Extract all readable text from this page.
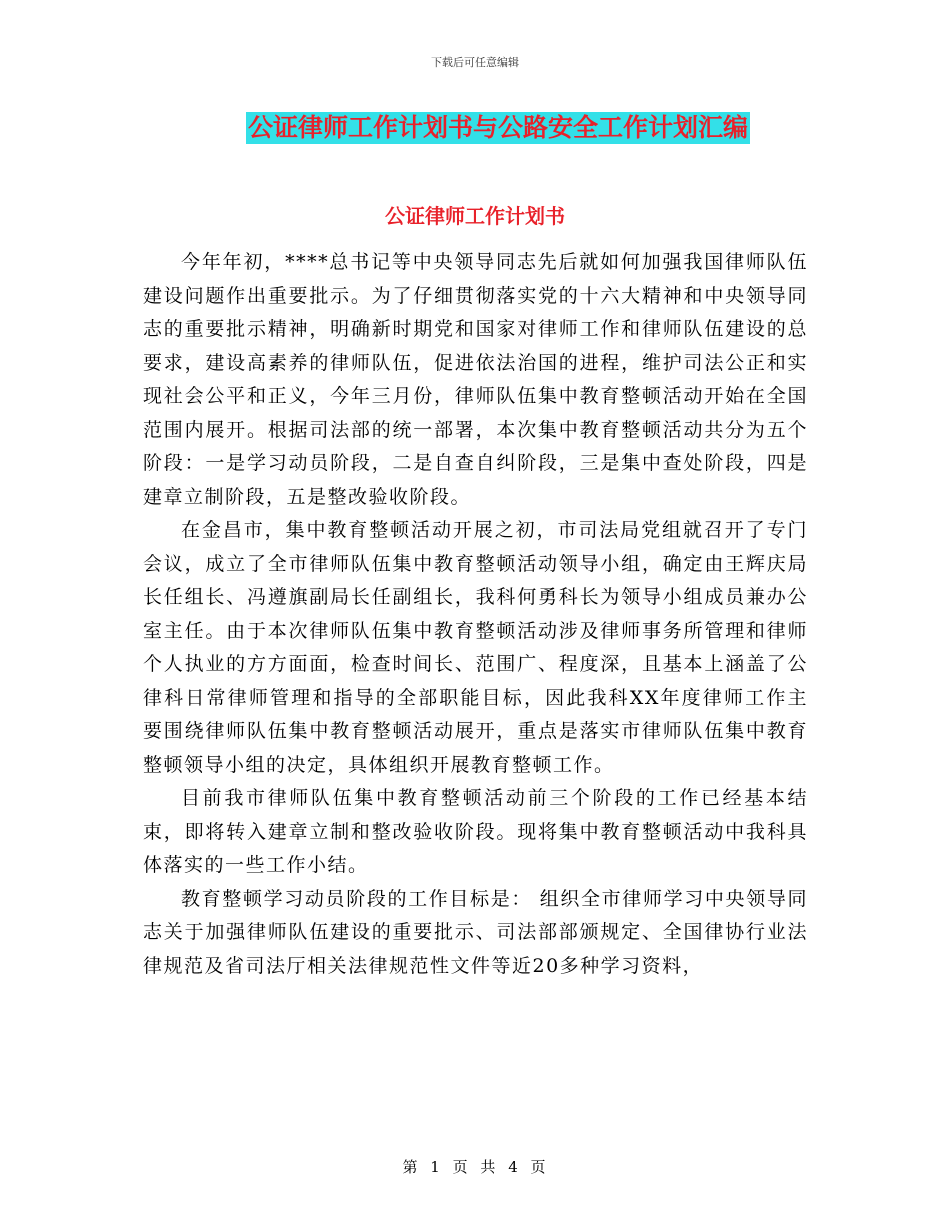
下载后可任意编辑
公证律师工作计划书与公路安全工作计划汇编
公证律师工作计划书

今年年初，****总书记等中央领导同志先后就如何加强我国律师队伍建设问题作出重要批示。为了仔细贯彻落实党的十六大精神和中央领导同志的重要批示精神，明确新时期党和国家对律师工作和律师队伍建设的总要求，建设高素养的律师队伍，促进依法治国的进程，维护司法公正和实现社会公平和正义，今年三月份，律师队伍集中教育整顿活动开始在全国范围内展开。根据司法部的统一部署，本次集中教育整顿活动共分为五个阶段：一是学习动员阶段，二是自查自纠阶段，三是集中查处阶段，四是建章立制阶段，五是整改验收阶段。

在金昌市，集中教育整顿活动开展之初，市司法局党组就召开了专门会议，成立了全市律师队伍集中教育整顿活动领导小组，确定由王辉庆局长任组长、冯遵旗副局长任副组长，我科何勇科长为领导小组成员兼办公室主任。由于本次律师队伍集中教育整顿活动涉及律师事务所管理和律师个人执业的方方面面，检查时间长、范围广、程度深，且基本上涵盖了公律科日常律师管理和指导的全部职能目标，因此我科XX年度律师工作主要围绕律师队伍集中教育整顿活动展开，重点是落实市律师队伍集中教育整顿领导小组的决定，具体组织开展教育整顿工作。

目前我市律师队伍集中教育整顿活动前三个阶段的工作已经基本结束，即将转入建章立制和整改验收阶段。现将集中教育整顿活动中我科具体落实的一些工作小结。

教育整顿学习动员阶段的工作目标是： 组织全市律师学习中央领导同志关于加强律师队伍建设的重要批示、司法部部颁规定、全国律协行业法律规范及省司法厅相关法律规范性文件等近20多种学习资料，

第 1 页 共 4 页
